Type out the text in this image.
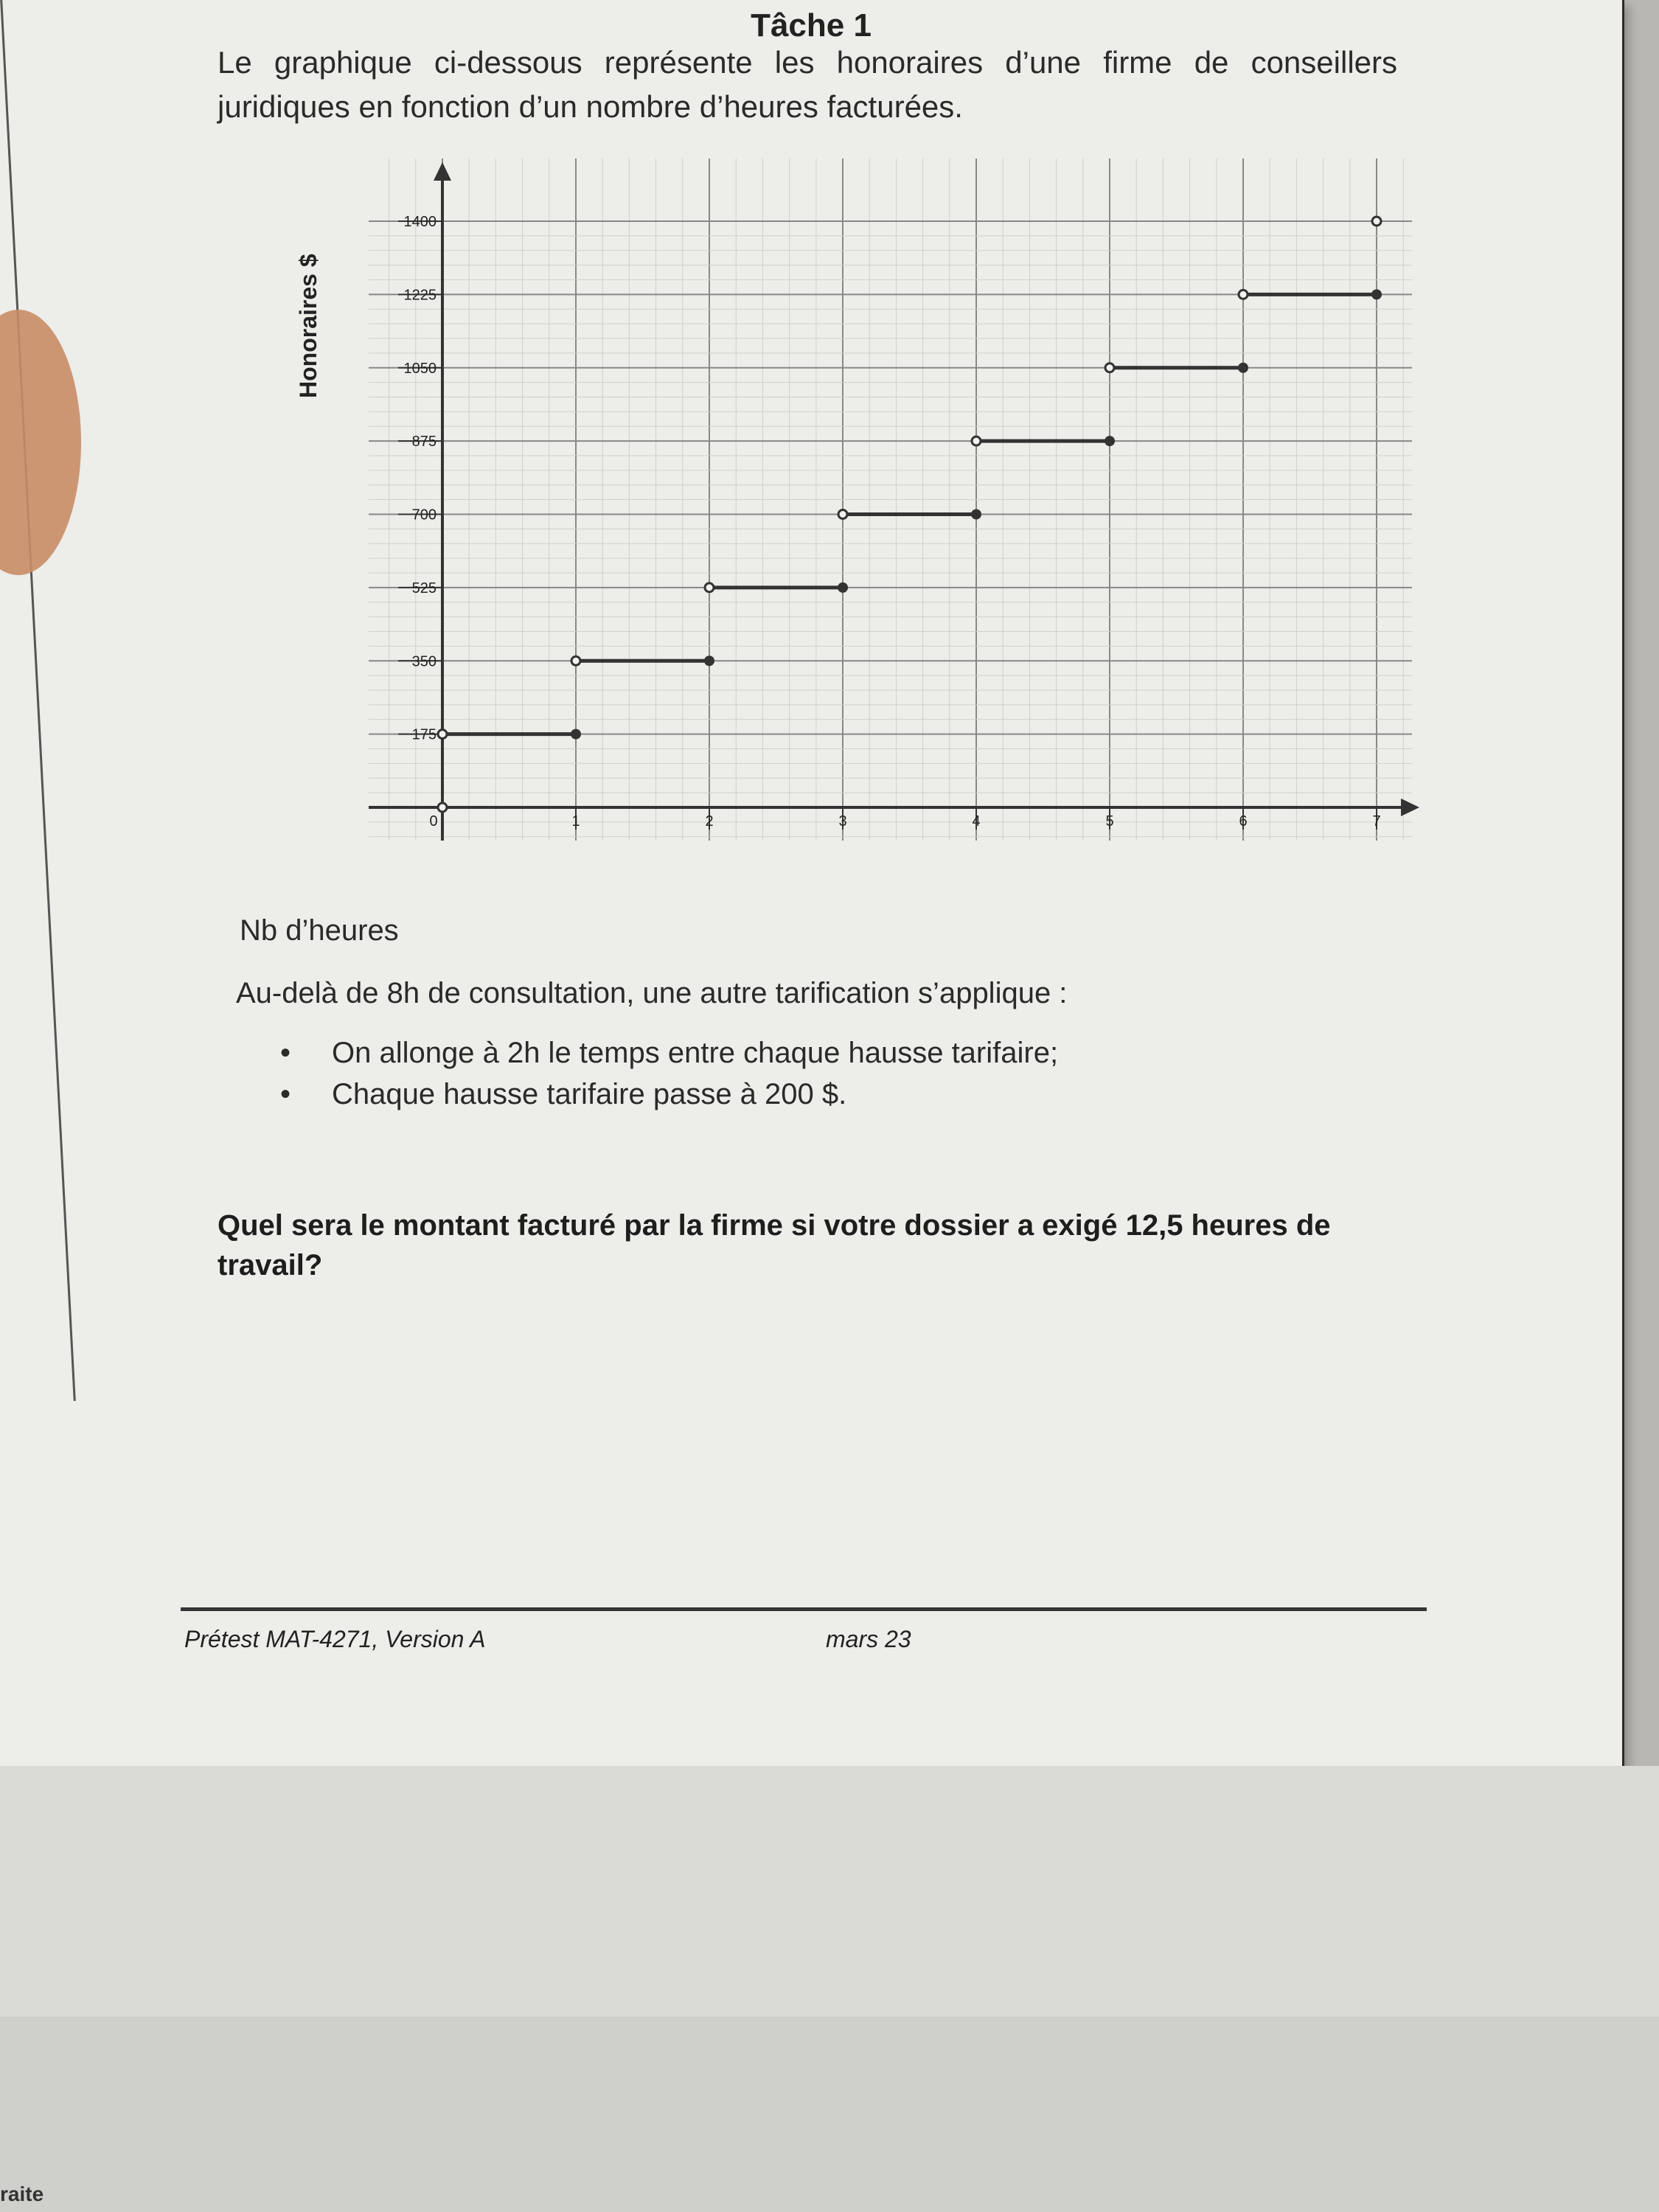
Tâche 1
Le graphique ci-dessous représente les honoraires d’une firme de conseillers juridiques en fonction d’un nombre d’heures facturées.
Honoraires $
175
350
525
700
875
1050
1225
1400
0	1	2	3	4	5	6	7
Nb d’heures
Au-delà de 8h de consultation, une autre tarification s’applique :
• On allonge à 2h le temps entre chaque hausse tarifaire;
• Chaque hausse tarifaire passe à 200 $.
Quel sera le montant facturé par la firme si votre dossier a exigé 12,5 heures de travail?
Prétest MAT-4271, Version A	mars 23
raite
